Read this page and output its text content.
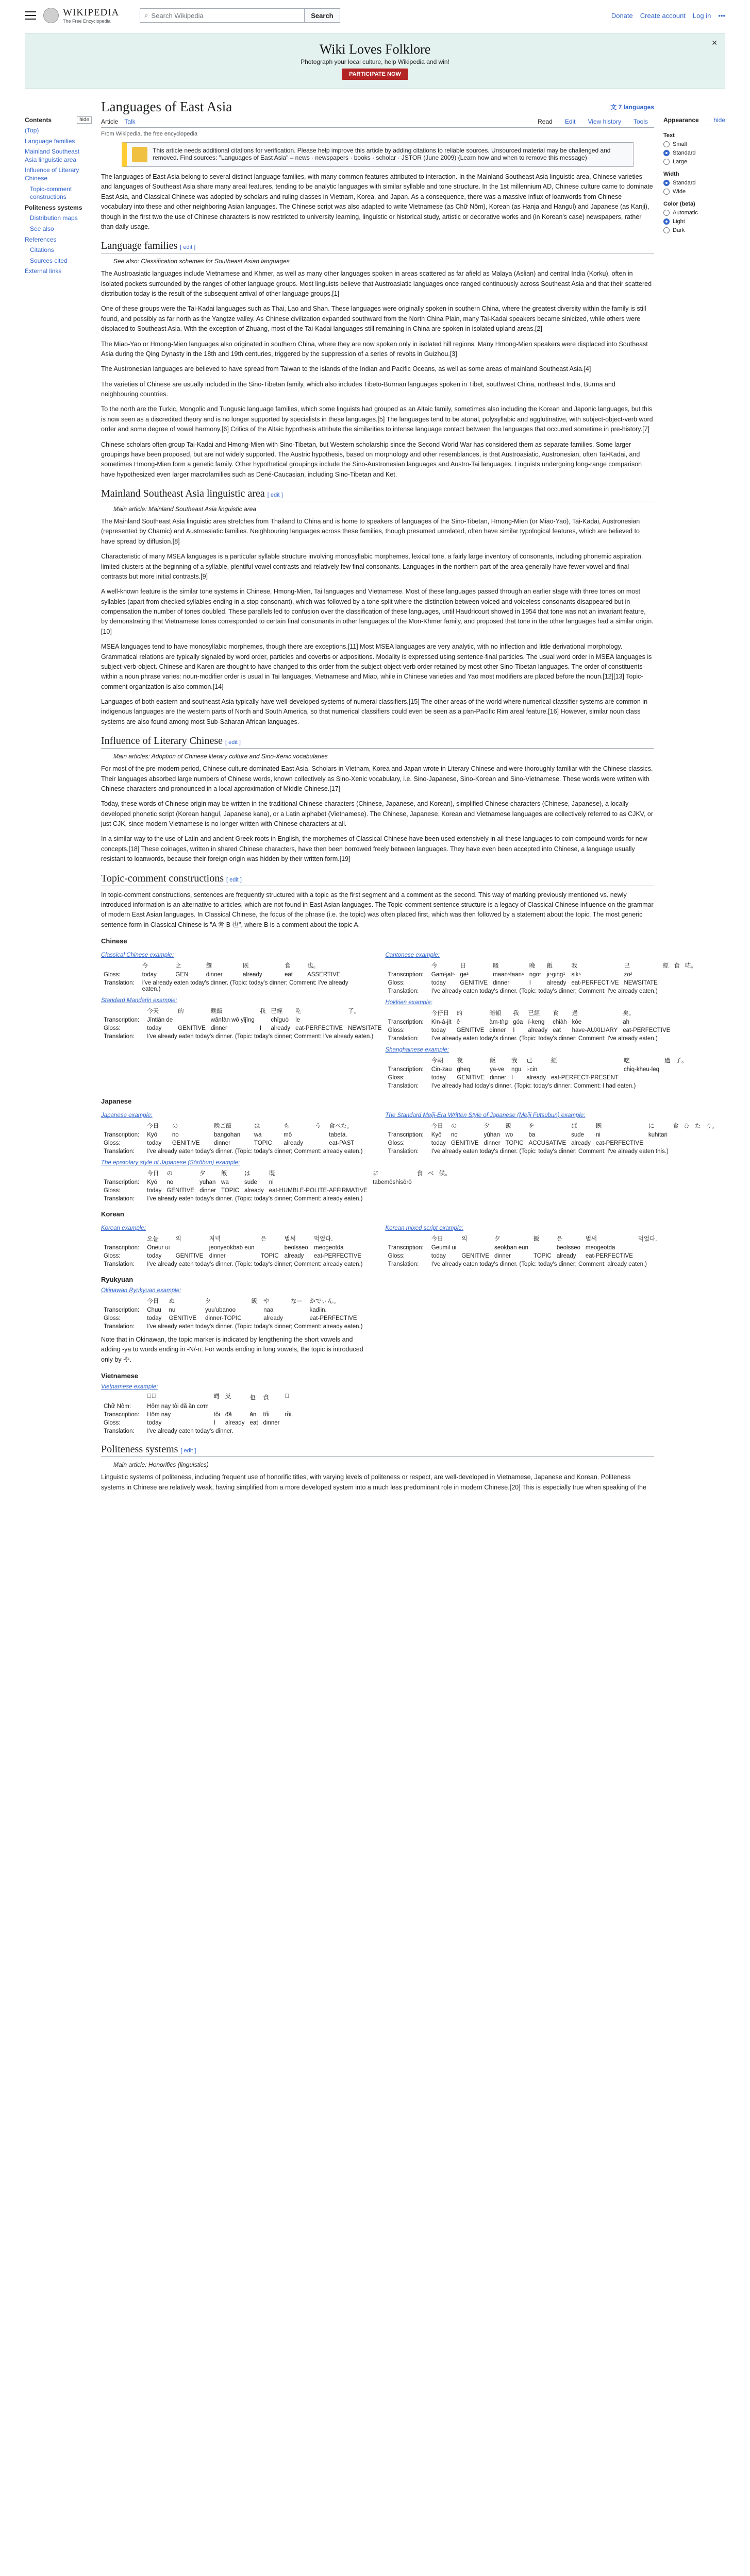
WIKIPEDIA
The Free Encyclopedia
⌕ Search Wikipedia	Search	Donate Create account Log in •••
Wiki Loves Folklore
Photograph your local culture, help Wikipedia and win!
PARTICIPATE NOW
✕
Contents	hide
(Top)
Language families
Mainland Southeast Asia linguistic area
Influence of Literary Chinese
Topic-comment constructions
Politeness systems
Distribution maps
See also
References
Citations
Sources cited
External links
Languages of East Asia	文 7 languages
Article Talk	Read Edit View history Tools
From Wikipedia, the free encyclopedia
This article needs additional citations for verification. Please help improve this article by adding citations to reliable sources. Unsourced material may be challenged and removed. Find sources: "Languages of East Asia" – news · newspapers · books · scholar · JSTOR (June 2009) (Learn how and when to remove this message)

The languages of East Asia belong to several distinct language families, with many common features attributed to interaction. In the Mainland Southeast Asia linguistic area, Chinese varieties and languages of Southeast Asia share many areal features, tending to be analytic languages with similar syllable and tone structure. In the 1st millennium AD, Chinese culture came to dominate East Asia, and Classical Chinese was adopted by scholars and ruling classes in Vietnam, Korea, and Japan. As a consequence, there was a massive influx of loanwords from Chinese vocabulary into these and other neighboring Asian languages. The Chinese script was also adapted to write Vietnamese (as Chữ Nôm), Korean (as Hanja and Hangul) and Japanese (as Kanji), though in the first two the use of Chinese characters is now restricted to university learning, linguistic or historical study, artistic or decorative works and (in Korean's case) newspapers, rather than daily usage.

Language families [ edit ]
See also: Classification schemes for Southeast Asian languages

The Austroasiatic languages include Vietnamese and Khmer, as well as many other languages spoken in areas scattered as far afield as Malaya (Aslian) and central India (Korku), often in isolated pockets surrounded by the ranges of other language groups. Most linguists believe that Austroasiatic languages once ranged continuously across Southeast Asia and that their scattered distribution today is the result of the subsequent arrival of other language groups.[1]

One of these groups were the Tai-Kadai languages such as Thai, Lao and Shan. These languages were originally spoken in southern China, where the greatest diversity within the family is still found, and possibly as far north as the Yangtze valley. As Chinese civilization expanded southward from the North China Plain, many Tai-Kadai speakers became sinicized, while others were displaced to Southeast Asia. With the exception of Zhuang, most of the Tai-Kadai languages still remaining in China are spoken in isolated upland areas.[2]

The Miao-Yao or Hmong-Mien languages also originated in southern China, where they are now spoken only in isolated hill regions. Many Hmong-Mien speakers were displaced into Southeast Asia during the Qing Dynasty in the 18th and 19th centuries, triggered by the suppression of a series of revolts in Guizhou.[3]

The Austronesian languages are believed to have spread from Taiwan to the islands of the Indian and Pacific Oceans, as well as some areas of mainland Southeast Asia.[4]

The varieties of Chinese are usually included in the Sino-Tibetan family, which also includes Tibeto-Burman languages spoken in Tibet, southwest China, northeast India, Burma and neighbouring countries.

To the north are the Turkic, Mongolic and Tungusic language families, which some linguists had grouped as an Altaic family, sometimes also including the Korean and Japonic languages, but this is now seen as a discredited theory and is no longer supported by specialists in these languages.[5] The languages tend to be atonal, polysyllabic and agglutinative, with subject-object-verb word order and some degree of vowel harmony.[6] Critics of the Altaic hypothesis attribute the similarities to intense language contact between the languages that occurred sometime in pre-history.[7]

Chinese scholars often group Tai-Kadai and Hmong-Mien with Sino-Tibetan, but Western scholarship since the Second World War has considered them as separate families. Some larger groupings have been proposed, but are not widely supported. The Austric hypothesis, based on morphology and other resemblances, is that Austroasiatic, Austronesian, often Tai-Kadai, and sometimes Hmong-Mien form a genetic family. Other hypothetical groupings include the Sino-Austronesian languages and Austro-Tai languages. Linguists undergoing long-range comparison have hypothesized even larger macrofamilies such as Dené-Caucasian, including Sino-Tibetan and Ket.

Mainland Southeast Asia linguistic area [ edit ]
Main article: Mainland Southeast Asia linguistic area

The Mainland Southeast Asia linguistic area stretches from Thailand to China and is home to speakers of languages of the Sino-Tibetan, Hmong-Mien (or Miao-Yao), Tai-Kadai, Austronesian (represented by Chamic) and Austroasiatic families. Neighbouring languages across these families, though presumed unrelated, often have similar typological features, which are believed to have spread by diffusion.[8]

Characteristic of many MSEA languages is a particular syllable structure involving monosyllabic morphemes, lexical tone, a fairly large inventory of consonants, including phonemic aspiration, limited clusters at the beginning of a syllable, plentiful vowel contrasts and relatively few final consonants. Languages in the northern part of the area generally have fewer vowel and final contrasts but more initial contrasts.[9]

A well-known feature is the similar tone systems in Chinese, Hmong-Mien, Tai languages and Vietnamese. Most of these languages passed through an earlier stage with three tones on most syllables (apart from checked syllables ending in a stop consonant), which was followed by a tone split where the distinction between voiced and voiceless consonants disappeared but in compensation the number of tones doubled. These parallels led to confusion over the classification of these languages, until Haudricourt showed in 1954 that tone was not an invariant feature, by demonstrating that Vietnamese tones corresponded to certain final consonants in other languages of the Mon-Khmer family, and proposed that tone in the other languages had a similar origin.[10]

MSEA languages tend to have monosyllabic morphemes, though there are exceptions.[11] Most MSEA languages are very analytic, with no inflection and little derivational morphology. Grammatical relations are typically signaled by word order, particles and coverbs or adpositions. Modality is expressed using sentence-final particles. The usual word order in MSEA languages is subject-verb-object. Chinese and Karen are thought to have changed to this order from the subject-object-verb order retained by most other Sino-Tibetan languages. The order of constituents within a noun phrase varies: noun-modifier order is usual in Tai languages, Vietnamese and Miao, while in Chinese varieties and Yao most modifiers are placed before the noun.[12][13] Topic-comment organization is also common.[14]

Languages of both eastern and southeast Asia typically have well-developed systems of numeral classifiers.[15] The other areas of the world where numerical classifier systems are common in indigenous languages are the western parts of North and South America, so that numerical classifiers could even be seen as a pan-Pacific Rim areal feature.[16] However, similar noun class systems are also found among most Sub-Saharan African languages.

Influence of Literary Chinese [ edit ]
Main articles: Adoption of Chinese literary culture and Sino-Xenic vocabularies

For most of the pre-modern period, Chinese culture dominated East Asia. Scholars in Vietnam, Korea and Japan wrote in Literary Chinese and were thoroughly familiar with the Chinese classics. Their languages absorbed large numbers of Chinese words, known collectively as Sino-Xenic vocabulary, i.e. Sino-Japanese, Sino-Korean and Sino-Vietnamese. These words were written with Chinese characters and pronounced in a local approximation of Middle Chinese.[17]

Today, these words of Chinese origin may be written in the traditional Chinese characters (Chinese, Japanese, and Korean), simplified Chinese characters (Chinese, Japanese), a locally developed phonetic script (Korean hangul, Japanese kana), or a Latin alphabet (Vietnamese). The Chinese, Japanese, Korean and Vietnamese languages are collectively referred to as CJKV, or just CJK, since modern Vietnamese is no longer written with Chinese characters at all.

In a similar way to the use of Latin and ancient Greek roots in English, the morphemes of Classical Chinese have been used extensively in all these languages to coin compound words for new concepts.[18] These coinages, written in shared Chinese characters, have then been borrowed freely between languages. They have even been accepted into Chinese, a language usually resistant to loanwords, because their foreign origin was hidden by their written form.[19]

Topic-comment constructions [ edit ]

In topic-comment constructions, sentences are frequently structured with a topic as the first segment and a comment as the second. This way of marking previously mentioned vs. newly introduced information is an alternative to articles, which are not found in East Asian languages. The Topic-comment sentence structure is a legacy of Classical Chinese influence on the grammar of modern East Asian languages. In Classical Chinese, the focus of the phrase (i.e. the topic) was often placed first, which was then followed by a statement about the topic. The most generic sentence form in Classical Chinese is "A 者 B 也", where B is a comment about the topic A.

Chinese
Classical Chinese example:
	今	之	饌	既	食	也。
Gloss:	today	GEN	dinner	already	eat	ASSERTIVE
Translation:	I've already eaten today's dinner. (Topic: today's dinner; Comment: I've already eaten.)					
Standard Mandarin example:
	今天	的	晚飯	我	已經	吃	了。
Transcription:	Jīntiān de		wǎnfàn wǒ yǐjīng		chīguò	le	
Gloss:	today	GENITIVE	dinner	I	already	eat-PERFECTIVE	NEWSITATE
Translation:	I've already eaten today's dinner. (Topic: today's dinner; Comment: I've already eaten.)						
Cantonese example:
	今	日	嘅	晚	飯	我	已	經	食	咗。
Transcription:	Gam¹jat⁶	ge³	maan⁵faan⁶	ngo⁵	ji⁵ging¹	sik⁶	zo²			
Gloss:	today	GENITIVE	dinner	I	already	eat-PERFECTIVE	NEWSITATE			
Translation:	I've already eaten today's dinner. (Topic: today's dinner; Comment: I've already eaten.)									
Hokkien example:
	今仔日	的	暗頓	我	已經	食	過	矣。
Transcription:	Kin-á-jit	ê	àm-tǹg	góa	í-keng	chia̍h	kòe	ah
Gloss:	today	GENITIVE	dinner	I	already	eat	have-AUXILIARY	eat-PERFECTIVE
Translation:	I've already eaten today's dinner. (Topic: today's dinner; Comment: I've already eaten.)							
Shanghainese example:
	今朝	夜	飯	我	已	經	吃	過	了。
Transcription:	Cin-zau	gheq	ya-ve	ngu	i-cin		chiq-kheu-leq		
Gloss:	today	GENITIVE	dinner	I	already	eat-PERFECT-PRESENT			
Translation:	I've already had today's dinner. (Topic: today's dinner; Comment: I had eaten.)								
Japanese
Japanese example:
	今日	の	晩ご飯	は	も	う	食べた。
Transcription:	Kyō	no	bangohan	wa	mō		tabeta.
Gloss:	today	GENITIVE	dinner	TOPIC	already		eat-PAST
Translation:	I've already eaten today's dinner. (Topic: today's dinner; Comment: already eaten.)						
The epistolary style of Japanese (Sōrōbun) example:
	今日	の	夕	飯	は	既	に	食	べ	候。
Transcription:	Kyō	no	yūhan	wa	sude	ni	tabemōshisōrō			
Gloss:	today	GENITIVE	dinner	TOPIC	already	eat-HUMBLE-POLITE-AFFIRMATIVE				
Translation:	I've already eaten today's dinner. (Topic: today's dinner; Comment: already eaten.)									
The Standard Meiji-Era Written Style of Japanese (Meiji Futsūbun) example:
	今日	の	夕	飯	を	ば	既	に	食	ひ	た	り。
Transcription:	Kyō	no	yūhan	wo	ba	sude	ni	kuhitari				
Gloss:	today	GENITIVE	dinner	TOPIC	ACCUSATIVE	already	eat-PERFECTIVE					
Translation:	I've already eaten today's dinner. (Topic: today's dinner; Comment: I've already eaten this.)											
Korean
Korean example:
	오늘	의	저녁	은	벌써	먹었다.
Transcription:	Oneur ui		jeonyeokbab eun		beolsseo	meogeotda
Gloss:	today	GENITIVE	dinner	TOPIC	already	eat-PERFECTIVE
Translation:	I've already eaten today's dinner. (Topic: today's dinner; Comment: already eaten.)					
Korean mixed script example:
	今日	의	夕	飯	은	벌써	먹었다.
Transcription:	Geumil ui		seokban eun		beolsseo	meogeotda	
Gloss:	today	GENITIVE	dinner	TOPIC	already	eat-PERFECTIVE	
Translation:	I've already eaten today's dinner. (Topic: today's dinner; Comment: already eaten.)						
Ryukyuan
Okinawan Ryukyuan example:
	今日	ぬ	夕	飯	や	なー	かでぃん。
Transcription:	Chuu	nu	yuu'ubanoo		naa		kadiin.
Gloss:	today	GENITIVE	dinner-TOPIC		already		eat-PERFECTIVE
Translation:	I've already eaten today's dinner. (Topic: today's dinner; Comment: already eaten.)						

Note that in Okinawan, the topic marker is indicated by lengthening the short vowels and adding -ya to words ending in -N/-n. For words ending in long vowels, the topic is introduced only by や.

Vietnamese
Vietnamese example:
	𣋚𫢩	𣈜	𠬠	㐌	食	𩛷
Chữ Nôm:	Hôm nay tôi đã ăn cơm					
Transcription:	Hôm nay	tôi	đã	ăn	tối	rồi.
Gloss:	today	I	already	eat	dinner	
Translation:	I've already eaten today's dinner.					
Politeness systems [ edit ]
Main article: Honorifics (linguistics)

Linguistic systems of politeness, including frequent use of honorific titles, with varying levels of politeness or respect, are well-developed in Vietnamese, Japanese and Korean. Politeness systems in Chinese are relatively weak, having simplified from a more developed system into a much less predominant role in modern Chinese.[20] This is especially true when speaking of the

Appearance hide
Text
Small
Standard
Large
Width
Standard
Wide
Color (beta)
Automatic
Light
Dark
